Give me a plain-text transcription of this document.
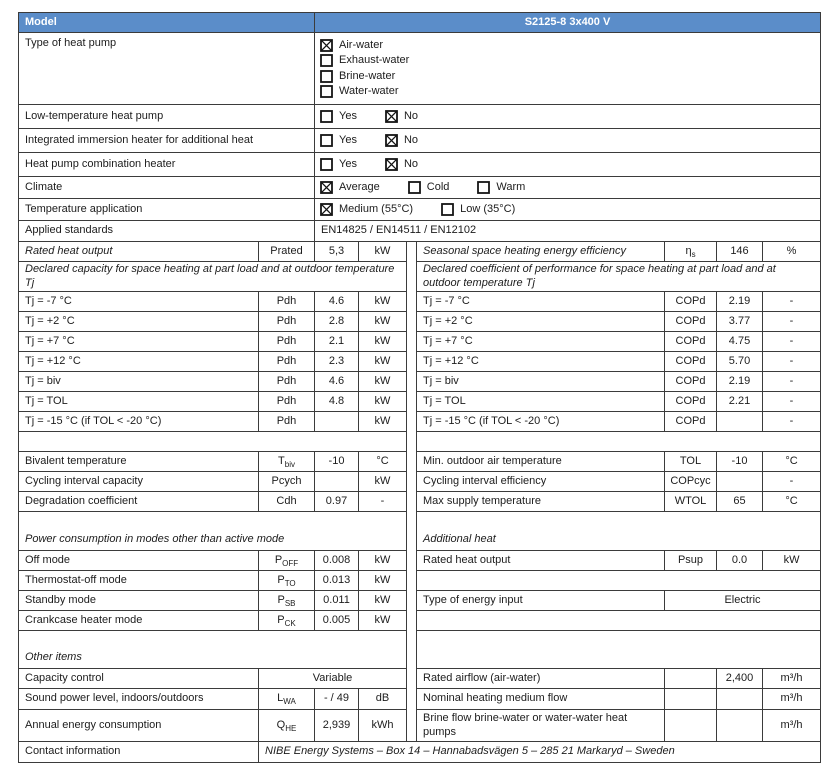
Model		S2125-8 3x400 V						
Type of heat pump		Air-water
Exhaust-water
Brine-water
Water-water						

Low-temperature heat pump		Yes No						

Integrated immersion heater for additional heat		Yes No						

Heat pump combination heater		Yes No						

Climate		Average Cold Warm						

Temperature application		Medium (55°C) Low (35°C)						

Applied standards		EN14825 / EN14511 / EN12102						
Rated heat output	Prated	5,3	kW		Seasonal space heating energy efficiency	$\eta_s$	146	%
Declared capacity for space heating at part load and at outdoor temperature Tj					Declared coefficient of performance for space heating at part load and at outdoor temperature Tj			
Tj = -7 °C	Pdh	4.6	kW		Tj = -7 °C	COPd	2.19	-
Tj = +2 °C	Pdh	2.8	kW		Tj = +2 °C	COPd	3.77	-
Tj = +7 °C	Pdh	2.1	kW		Tj = +7 °C	COPd	4.75	-
Tj = +12 °C	Pdh	2.3	kW		Tj = +12 °C	COPd	5.70	-
Tj = biv	Pdh	4.6	kW		Tj = biv	COPd	2.19	-
Tj = TOL	Pdh	4.8	kW		Tj = TOL	COPd	2.21	-
Tj = -15 °C (if TOL < -20 °C)	Pdh		kW		Tj = -15 °C (if TOL < -20 °C)	COPd		-

Bivalent temperature	$T_{biv}$	-10	°C		Min. outdoor air temperature	TOL	-10	°C
Cycling interval capacity	Pcych		kW		Cycling interval efficiency	COPcyc		-
Degradation coefficient	Cdh	0.97	-		Max supply temperature	WTOL	65	°C
Power consumption in modes other than active mode					Additional heat			
Off mode	$P_{OFF}$	0.008	kW		Rated heat output	Psup	0.0	kW
Thermostat-off mode	$P_{TO}$	0.013	kW					
Standby mode	$P_{SB}$	0.011	kW		Type of energy input	Electric		
Crankcase heater mode	$P_{CK}$	0.005	kW					
Other items								
Capacity control	Variable				Rated airflow (air-water)		2,400	m³/h
Sound power level, indoors/outdoors	$L_{WA}$	- / 49	dB		Nominal heating medium flow			m³/h
Annual energy consumption	$Q_{HE}$	2,939	kWh		Brine flow brine-water or water-water heat pumps			m³/h
Contact information	NIBE Energy Systems – Box 14 – Hannabadsvägen 5 – 285 21 Markaryd – Sweden							
